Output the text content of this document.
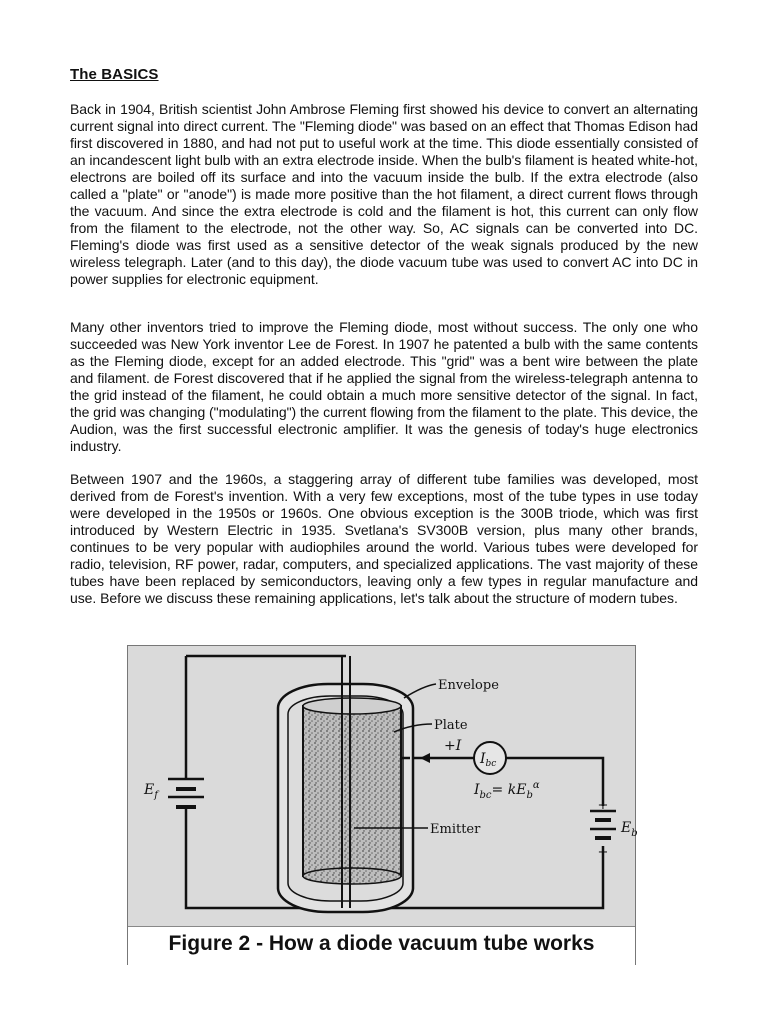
The BASICS
Back in 1904, British scientist John Ambrose Fleming first showed his device to convert an alternating current signal into direct current. The "Fleming diode" was based on an effect that Thomas Edison had first discovered in 1880, and had not put to useful work at the time. This diode essentially consisted of an incandescent light bulb with an extra electrode inside. When the bulb's filament is heated white-hot, electrons are boiled off its surface and into the vacuum inside the bulb. If the extra electrode (also called a "plate" or "anode") is made more positive than the hot filament, a direct current flows through the vacuum. And since the extra electrode is cold and the filament is hot, this current can only flow from the filament to the electrode, not the other way. So, AC signals can be converted into DC. Fleming's diode was first used as a sensitive detector of the weak signals produced by the new wireless telegraph. Later (and to this day), the diode vacuum tube was used to convert AC into DC in power supplies for electronic equipment.
Many other inventors tried to improve the Fleming diode, most without success. The only one who succeeded was New York inventor Lee de Forest. In 1907 he patented a bulb with the same contents as the Fleming diode, except for an added electrode. This "grid" was a bent wire between the plate and filament. de Forest discovered that if he applied the signal from the wireless-telegraph antenna to the grid instead of the filament, he could obtain a much more sensitive detector of the signal. In fact, the grid was changing ("modulating") the current flowing from the filament to the plate. This device, the Audion, was the first successful electronic amplifier. It was the genesis of today's huge electronics industry.
Between 1907 and the 1960s, a staggering array of different tube families was developed, most derived from de Forest's invention. With a very few exceptions, most of the tube types in use today were developed in the 1950s or 1960s. One obvious exception is the 300B triode, which was first introduced by Western Electric in 1935. Svetlana's SV300B version, plus many other brands, continues to be very popular with audiophiles around the world. Various tubes were developed for radio, television, RF power, radar, computers, and specialized applications. The vast majority of these tubes have been replaced by semiconductors, leaving only a few types in regular manufacture and use. Before we discuss these remaining applications, let's talk about the structure of modern tubes.
Envelope
Plate
Emitter
+I
$E_f$
$I_{bc}$
$I_{bc}= kE_b^\alpha$
$E_b$
+
−
Figure 2 - How a diode vacuum tube works
